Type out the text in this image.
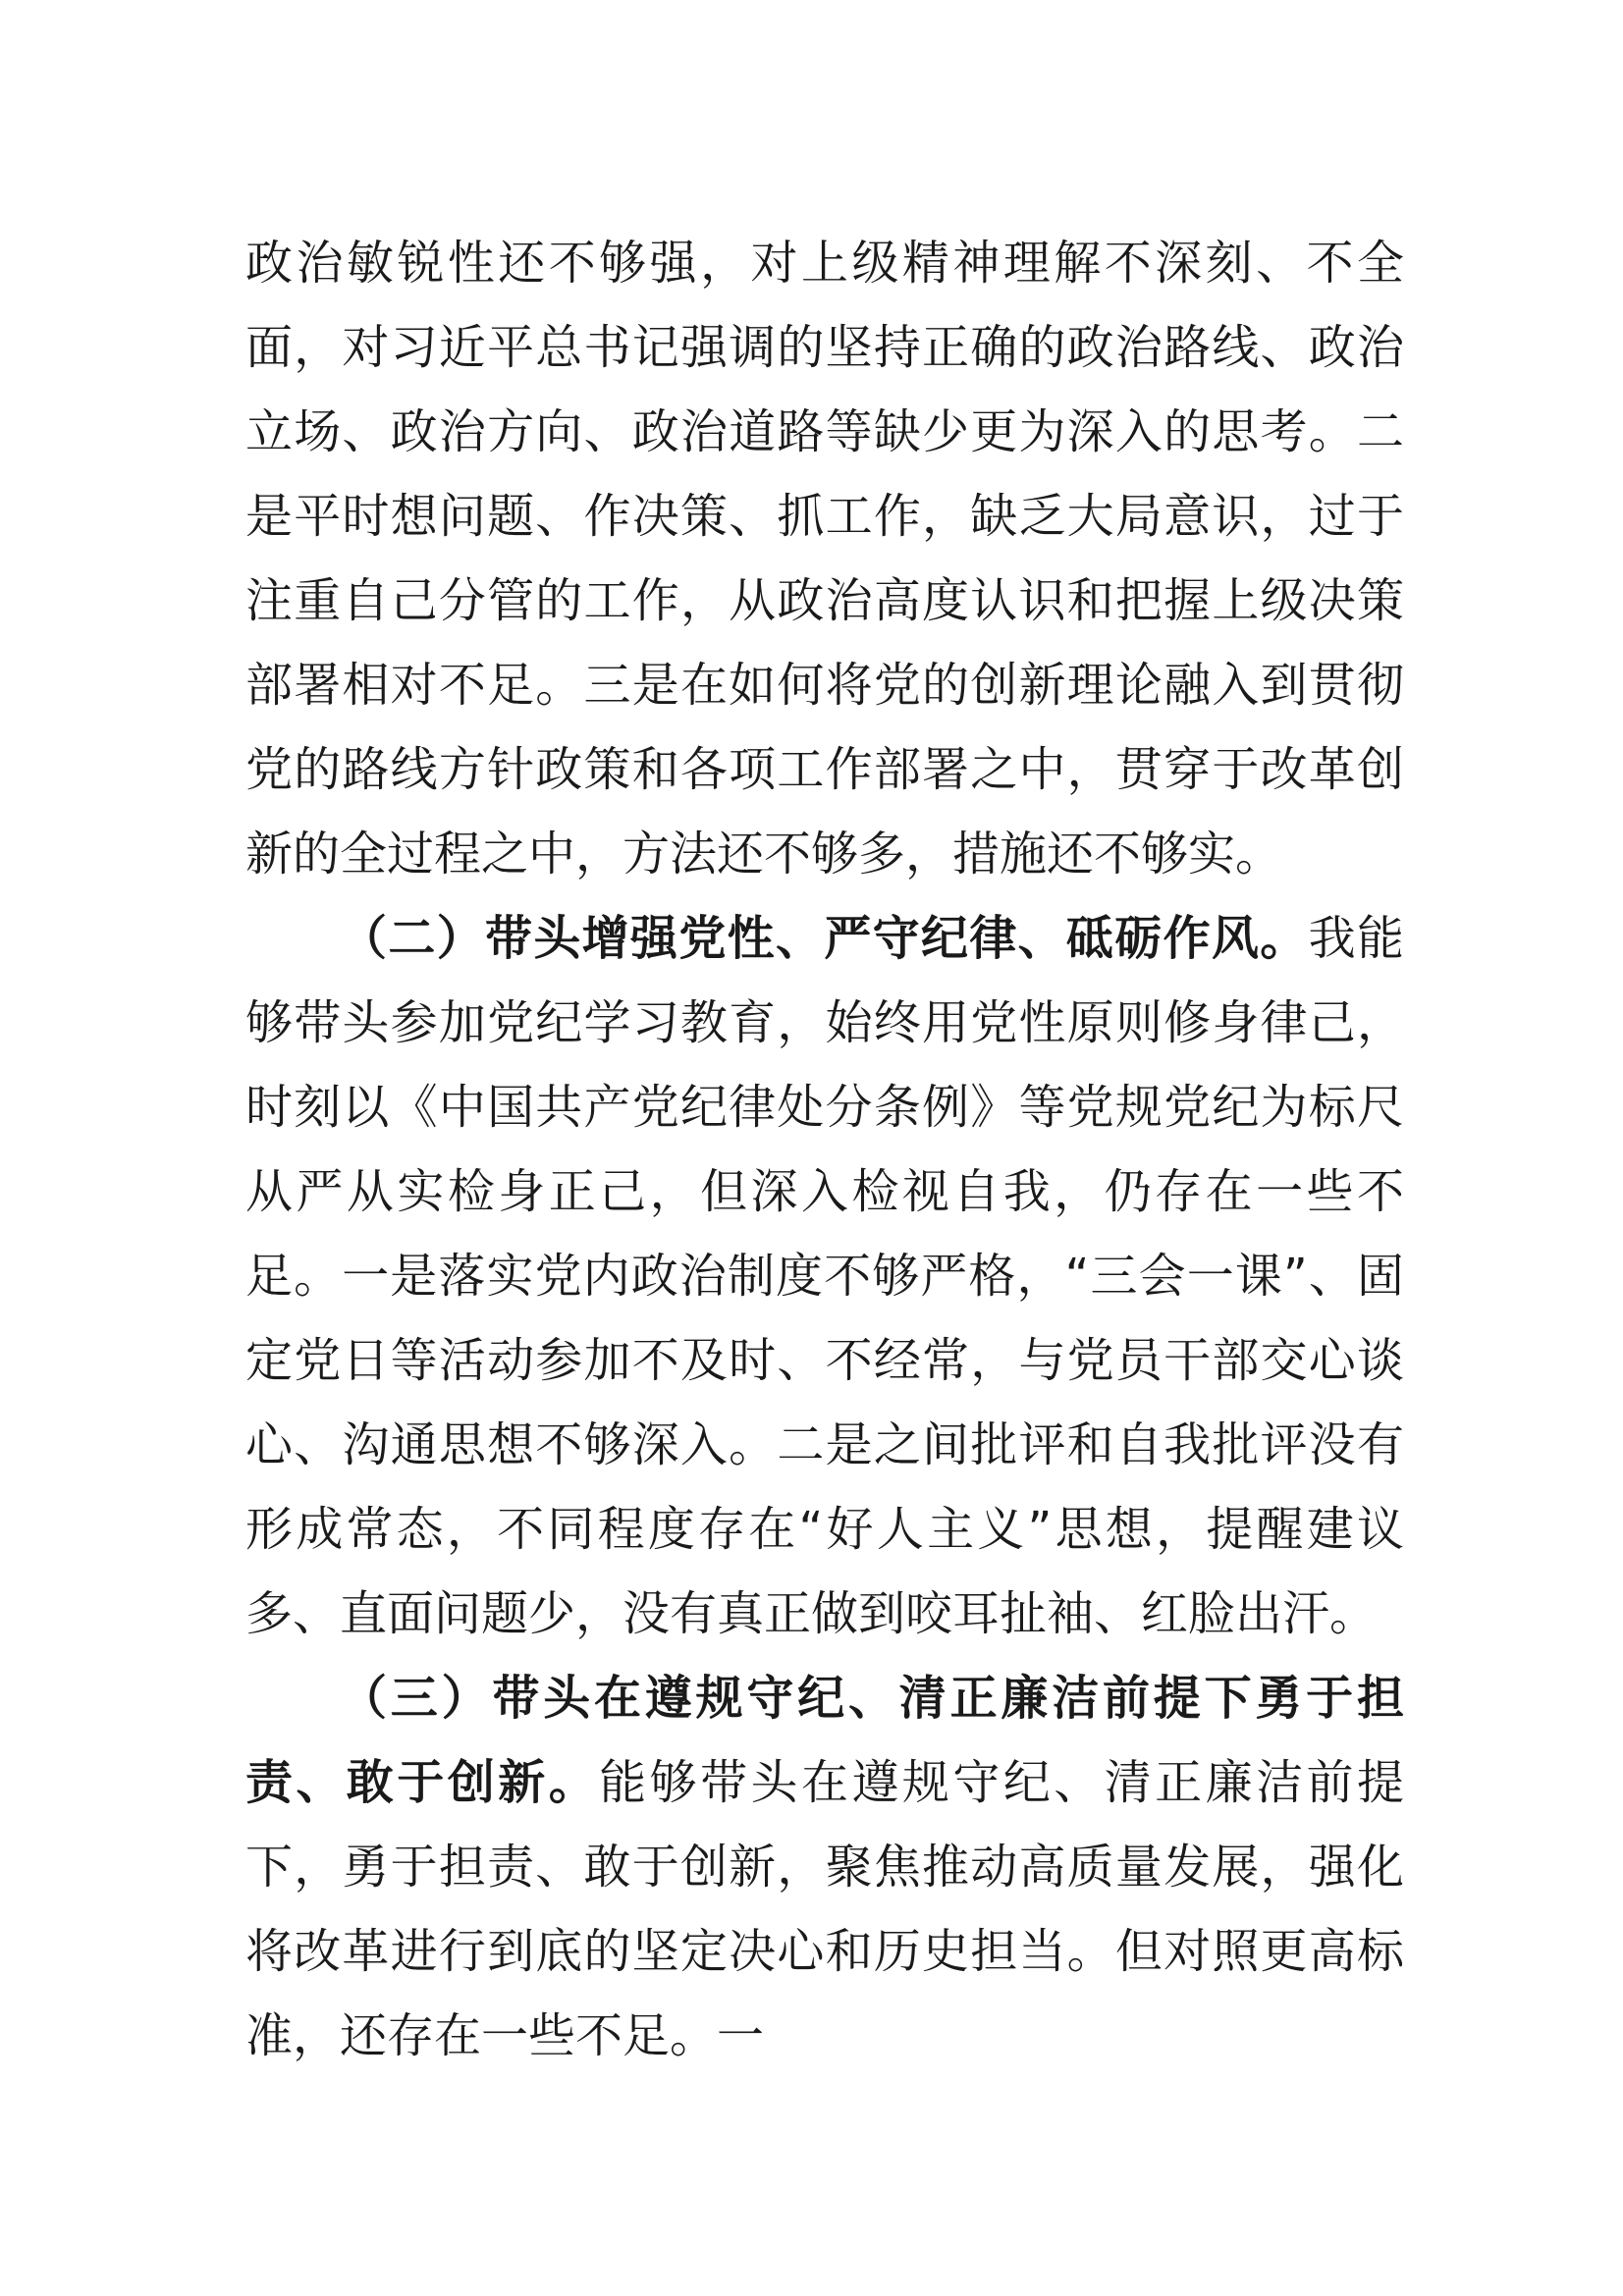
政治敏锐性还不够强，对上级精神理解不深刻、不全面，对习近平总书记强调的坚持正确的政治路线、政治立场、政治方向、政治道路等缺少更为深入的思考。二是平时想问题、作决策、抓工作，缺乏大局意识，过于注重自己分管的工作，从政治高度认识和把握上级决策部署相对不足。三是在如何将党的创新理论融入到贯彻党的路线方针政策和各项工作部署之中，贯穿于改革创新的全过程之中，方法还不够多，措施还不够实。

（二）带头增强党性、严守纪律、砥砺作风。我能够带头参加党纪学习教育，始终用党性原则修身律己，时刻以《中国共产党纪律处分条例》等党规党纪为标尺从严从实检身正己，但深入检视自我，仍存在一些不足。一是落实党内政治制度不够严格，“三会一课”、固定党日等活动参加不及时、不经常，与党员干部交心谈心、沟通思想不够深入。二是之间批评和自我批评没有形成常态，不同程度存在“好人主义”思想，提醒建议多、直面问题少，没有真正做到咬耳扯袖、红脸出汗。

（三）带头在遵规守纪、清正廉洁前提下勇于担责、敢于创新。能够带头在遵规守纪、清正廉洁前提下，勇于担责、敢于创新，聚焦推动高质量发展，强化将改革进行到底的坚定决心和历史担当。但对照更高标准，还存在一些不足。一
